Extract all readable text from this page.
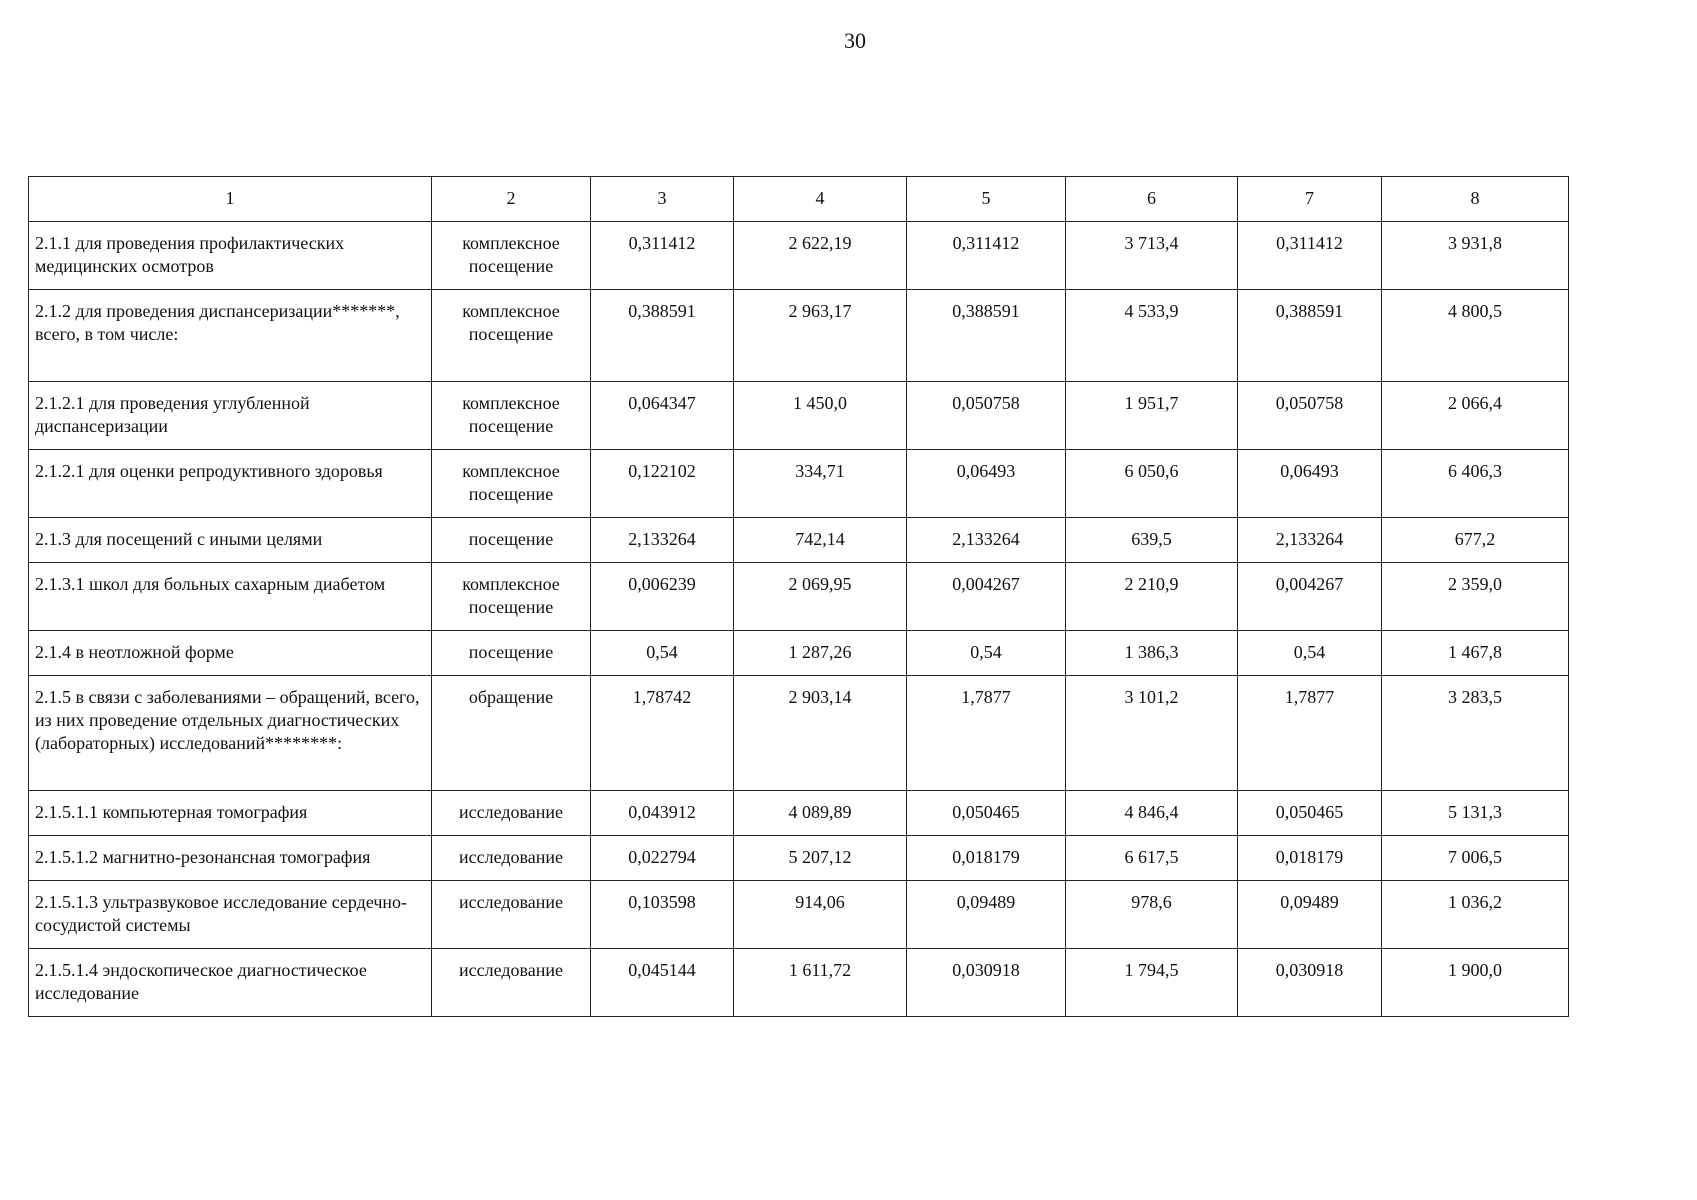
30
1	2	3	4	5	6	7	8
2.1.1 для проведения профилактических медицинских осмотров	комплексное посещение	0,311412	2 622,19	0,311412	3 713,4	0,311412	3 931,8
2.1.2 для проведения диспансеризации*******, всего, в том числе:	комплексное посещение	0,388591	2 963,17	0,388591	4 533,9	0,388591	4 800,5
2.1.2.1 для проведения углубленной диспансеризации	комплексное посещение	0,064347	1 450,0	0,050758	1 951,7	0,050758	2 066,4
2.1.2.1 для оценки репродуктивного здоровья	комплексное посещение	0,122102	334,71	0,06493	6 050,6	0,06493	6 406,3
2.1.3 для посещений с иными целями	посещение	2,133264	742,14	2,133264	639,5	2,133264	677,2
2.1.3.1 школ для больных сахарным диабетом	комплексное посещение	0,006239	2 069,95	0,004267	2 210,9	0,004267	2 359,0
2.1.4 в неотложной форме	посещение	0,54	1 287,26	0,54	1 386,3	0,54	1 467,8
2.1.5 в связи с заболеваниями – обращений, всего, из них проведение отдельных диагностических (лабораторных) исследований********:	обращение	1,78742	2 903,14	1,7877	3 101,2	1,7877	3 283,5
2.1.5.1.1 компьютерная томография	исследование	0,043912	4 089,89	0,050465	4 846,4	0,050465	5 131,3
2.1.5.1.2 магнитно-резонансная томография	исследование	0,022794	5 207,12	0,018179	6 617,5	0,018179	7 006,5
2.1.5.1.3 ультразвуковое исследование сердечно-сосудистой системы	исследование	0,103598	914,06	0,09489	978,6	0,09489	1 036,2
2.1.5.1.4 эндоскопическое диагностическое исследование	исследование	0,045144	1 611,72	0,030918	1 794,5	0,030918	1 900,0
